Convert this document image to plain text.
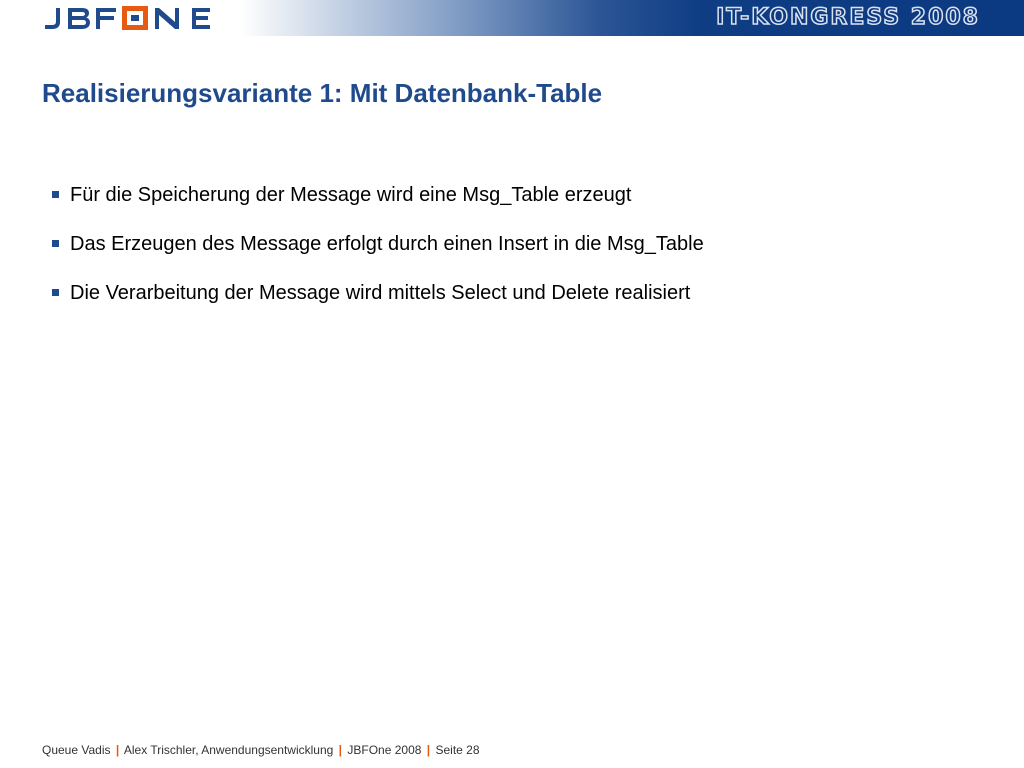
IT-KONGRESS 2008
Realisierungsvariante 1: Mit Datenbank-Table
Für die Speicherung der Message wird eine Msg_Table erzeugt
Das Erzeugen des Message erfolgt durch einen Insert in die Msg_Table
Die Verarbeitung der Message wird mittels Select und Delete realisiert
Queue Vadis | Alex Trischler, Anwendungsentwicklung | JBFOne 2008 | Seite 28
